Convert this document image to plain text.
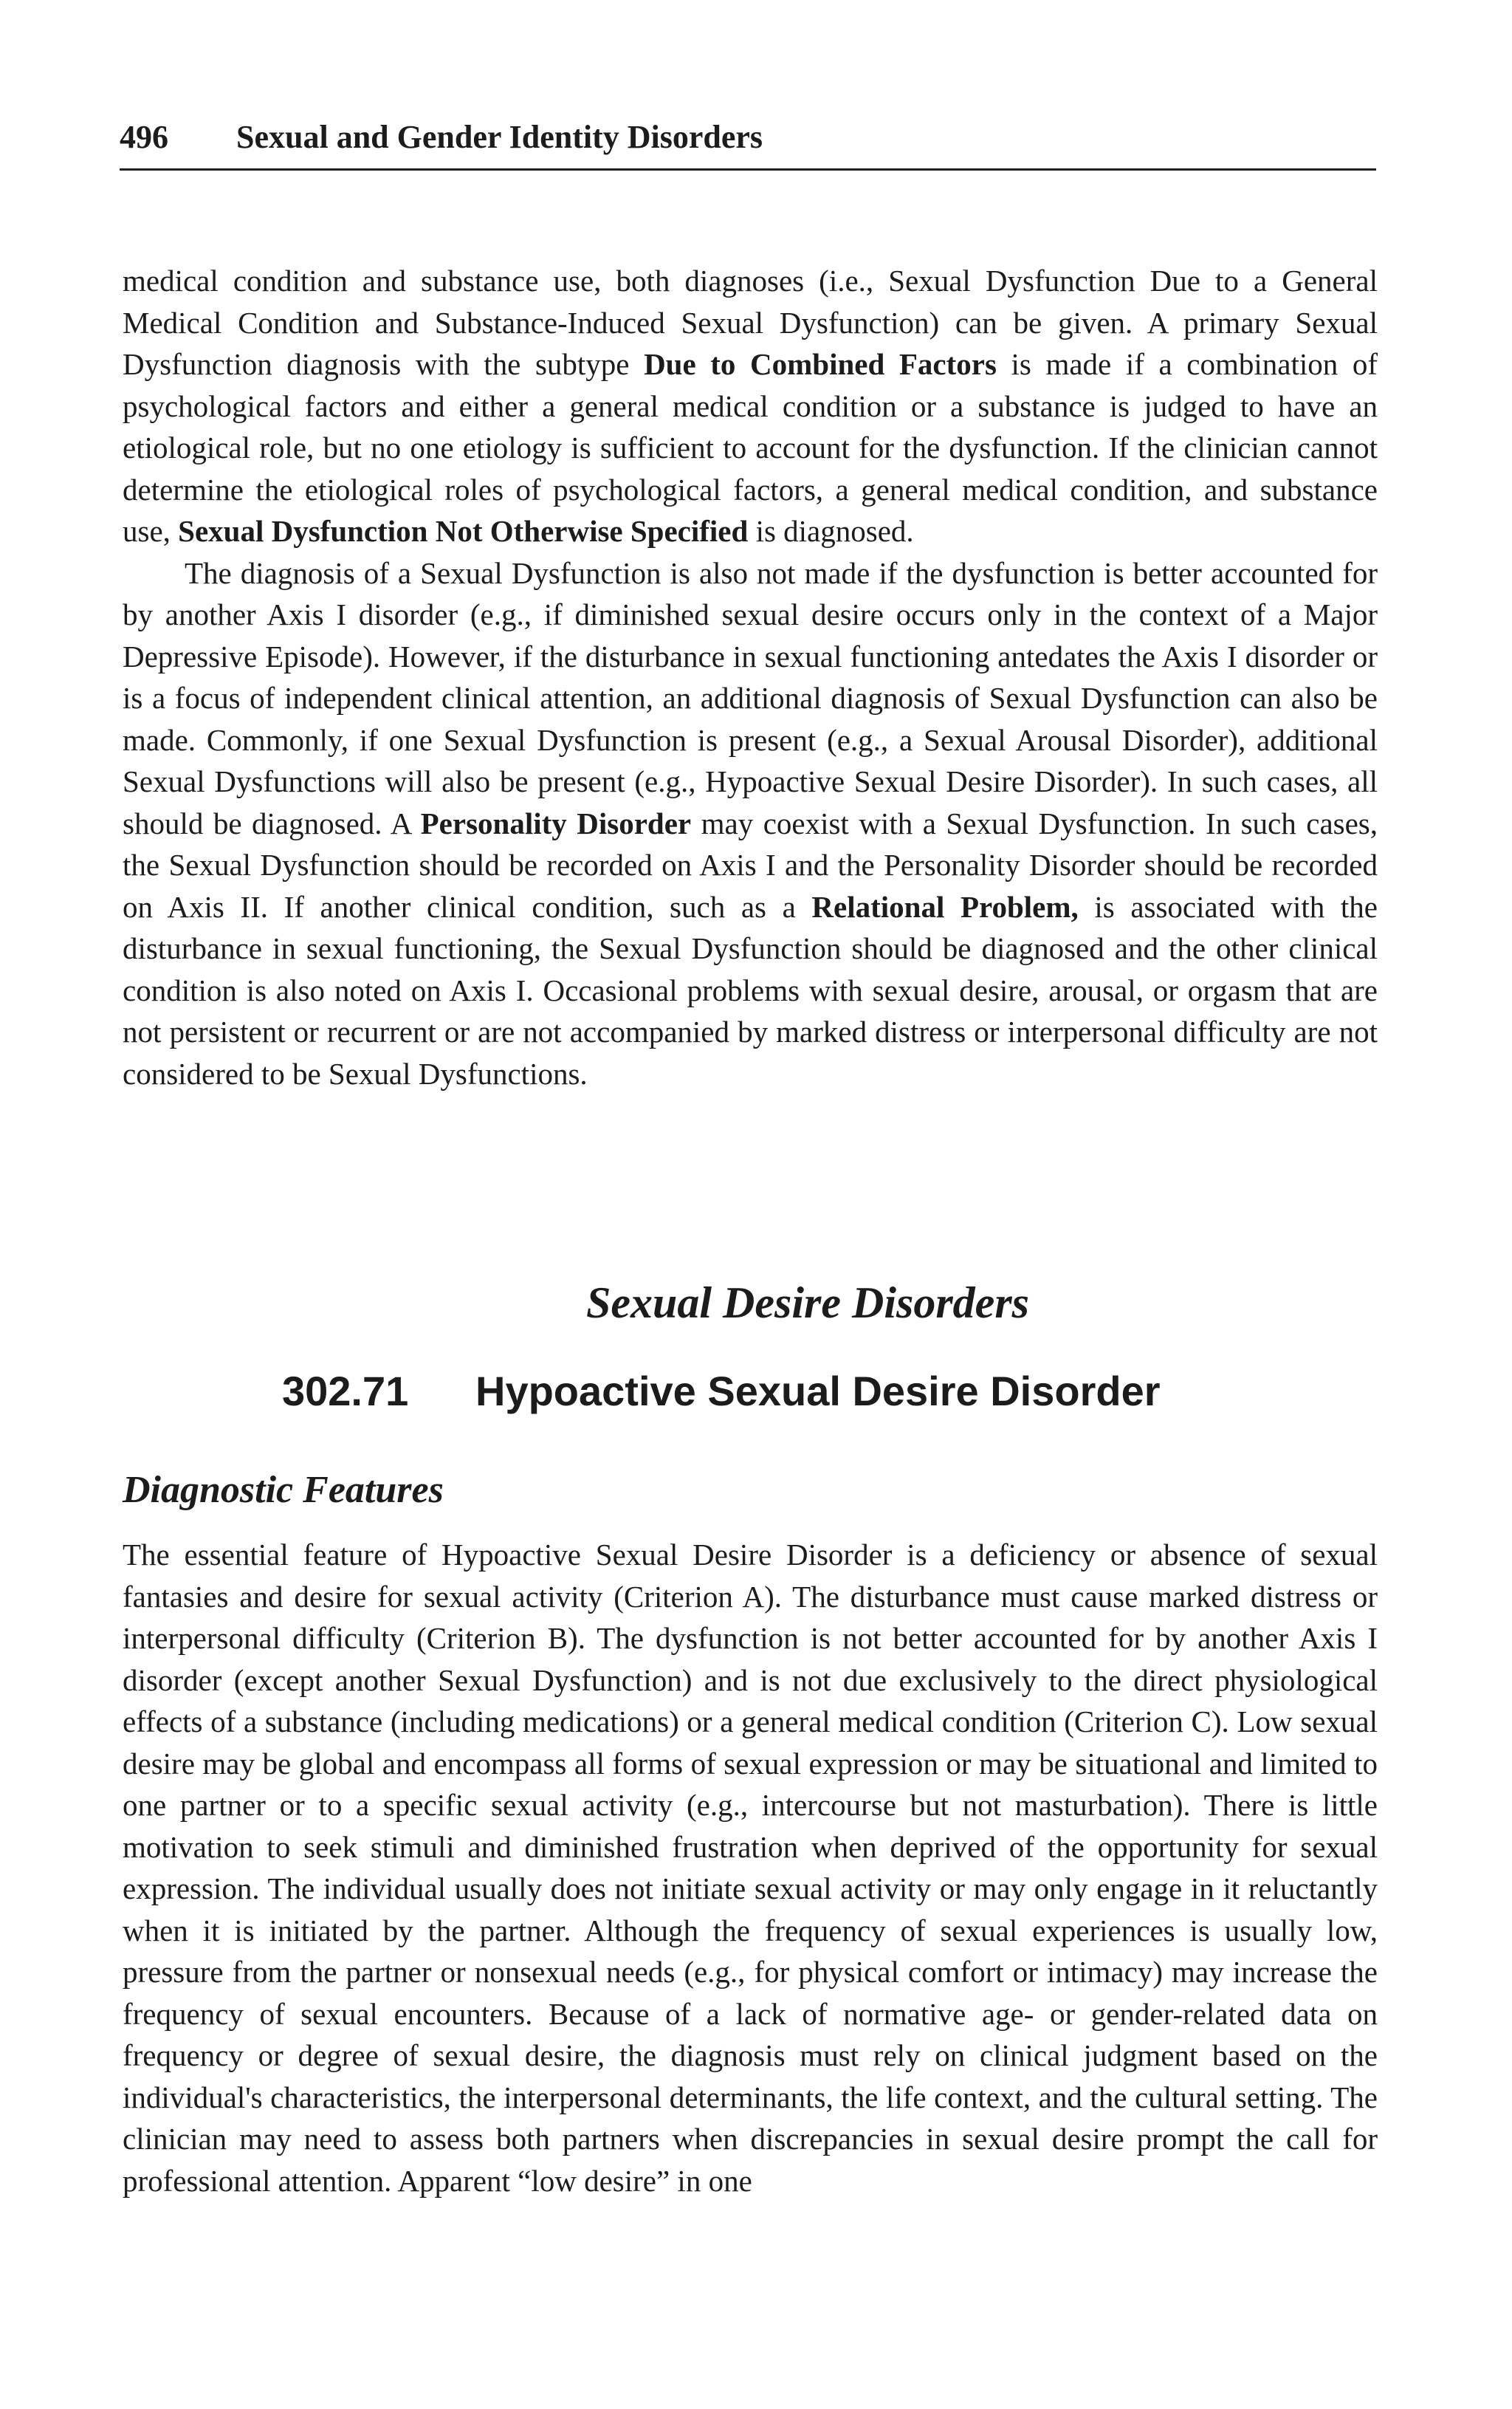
496 Sexual and Gender Identity Disorders

medical condition and substance use, both diagnoses (i.e., Sexual Dysfunction Due to a General Medical Condition and Substance-Induced Sexual Dysfunction) can be given. A primary Sexual Dysfunction diagnosis with the subtype Due to Combined Factors is made if a combination of psychological factors and either a general medical condition or a substance is judged to have an etiological role, but no one etiology is sufficient to account for the dysfunction. If the clinician cannot determine the etiological roles of psychological factors, a general medical condition, and substance use, Sexual Dysfunction Not Otherwise Specified is diagnosed.

The diagnosis of a Sexual Dysfunction is also not made if the dysfunction is better accounted for by another Axis I disorder (e.g., if diminished sexual desire occurs only in the context of a Major Depressive Episode). However, if the disturbance in sexual functioning antedates the Axis I disorder or is a focus of independent clinical attention, an additional diagnosis of Sexual Dysfunction can also be made. Commonly, if one Sexual Dysfunction is present (e.g., a Sexual Arousal Disorder), additional Sexual Dysfunctions will also be present (e.g., Hypoactive Sexual Desire Disorder). In such cases, all should be diagnosed. A Personality Disorder may coexist with a Sexual Dysfunction. In such cases, the Sexual Dysfunction should be recorded on Axis I and the Personality Disorder should be recorded on Axis II. If another clinical condition, such as a Relational Problem, is associated with the disturbance in sexual functioning, the Sexual Dysfunction should be diagnosed and the other clinical condition is also noted on Axis I. Occasional problems with sexual desire, arousal, or orgasm that are not persistent or recurrent or are not accompanied by marked distress or interpersonal difficulty are not considered to be Sexual Dysfunctions.

Sexual Desire Disorders
302.71 Hypoactive Sexual Desire Disorder
Diagnostic Features

The essential feature of Hypoactive Sexual Desire Disorder is a deficiency or absence of sexual fantasies and desire for sexual activity (Criterion A). The disturbance must cause marked distress or interpersonal difficulty (Criterion B). The dysfunction is not better accounted for by another Axis I disorder (except another Sexual Dysfunction) and is not due exclusively to the direct physiological effects of a substance (including medications) or a general medical condition (Criterion C). Low sexual desire may be global and encompass all forms of sexual expression or may be situational and limited to one partner or to a specific sexual activity (e.g., intercourse but not masturbation). There is little motivation to seek stimuli and diminished frustration when deprived of the opportunity for sexual expression. The individual usually does not initiate sexual activity or may only engage in it reluctantly when it is initiated by the partner. Although the frequency of sexual experiences is usually low, pressure from the partner or nonsexual needs (e.g., for physical comfort or intimacy) may increase the frequency of sexual encounters. Because of a lack of normative age- or gender-related data on frequency or degree of sexual desire, the diagnosis must rely on clinical judgment based on the individual's characteristics, the interpersonal determinants, the life context, and the cultural setting. The clinician may need to assess both partners when discrepancies in sexual desire prompt the call for professional attention. Apparent “low desire” in one
